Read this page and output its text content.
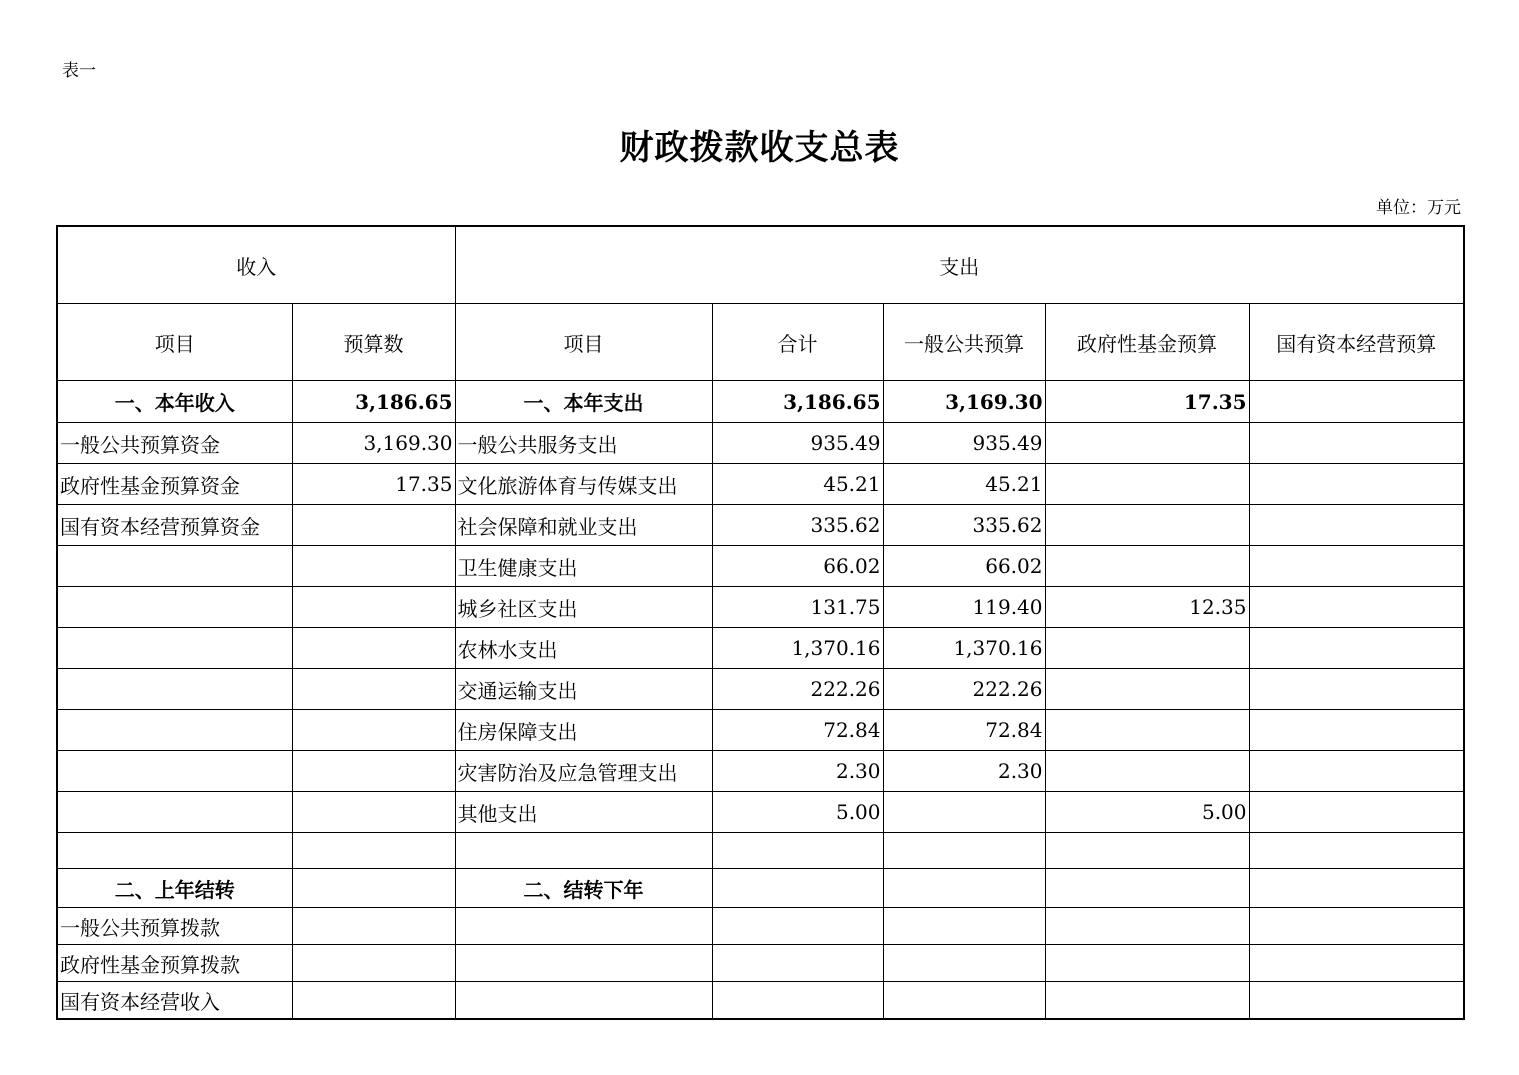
表一
财政拨款收支总表
单位：万元
收入		支出				
项目	预算数	项目	合计	一般公共预算	政府性基金预算	国有资本经营预算
一、本年收入	3,186.65	一、本年支出	3,186.65	3,169.30	17.35	
一般公共预算资金	3,169.30	一般公共服务支出	935.49	935.49		
政府性基金预算资金	17.35	文化旅游体育与传媒支出	45.21	45.21		
国有资本经营预算资金		社会保障和就业支出	335.62	335.62		
		卫生健康支出	66.02	66.02		
		城乡社区支出	131.75	119.40	12.35	
		农林水支出	1,370.16	1,370.16		
		交通运输支出	222.26	222.26		
		住房保障支出	72.84	72.84		
		灾害防治及应急管理支出	2.30	2.30		
		其他支出	5.00		5.00	

二、上年结转		二、结转下年				
一般公共预算拨款						
政府性基金预算拨款						
国有资本经营收入						
